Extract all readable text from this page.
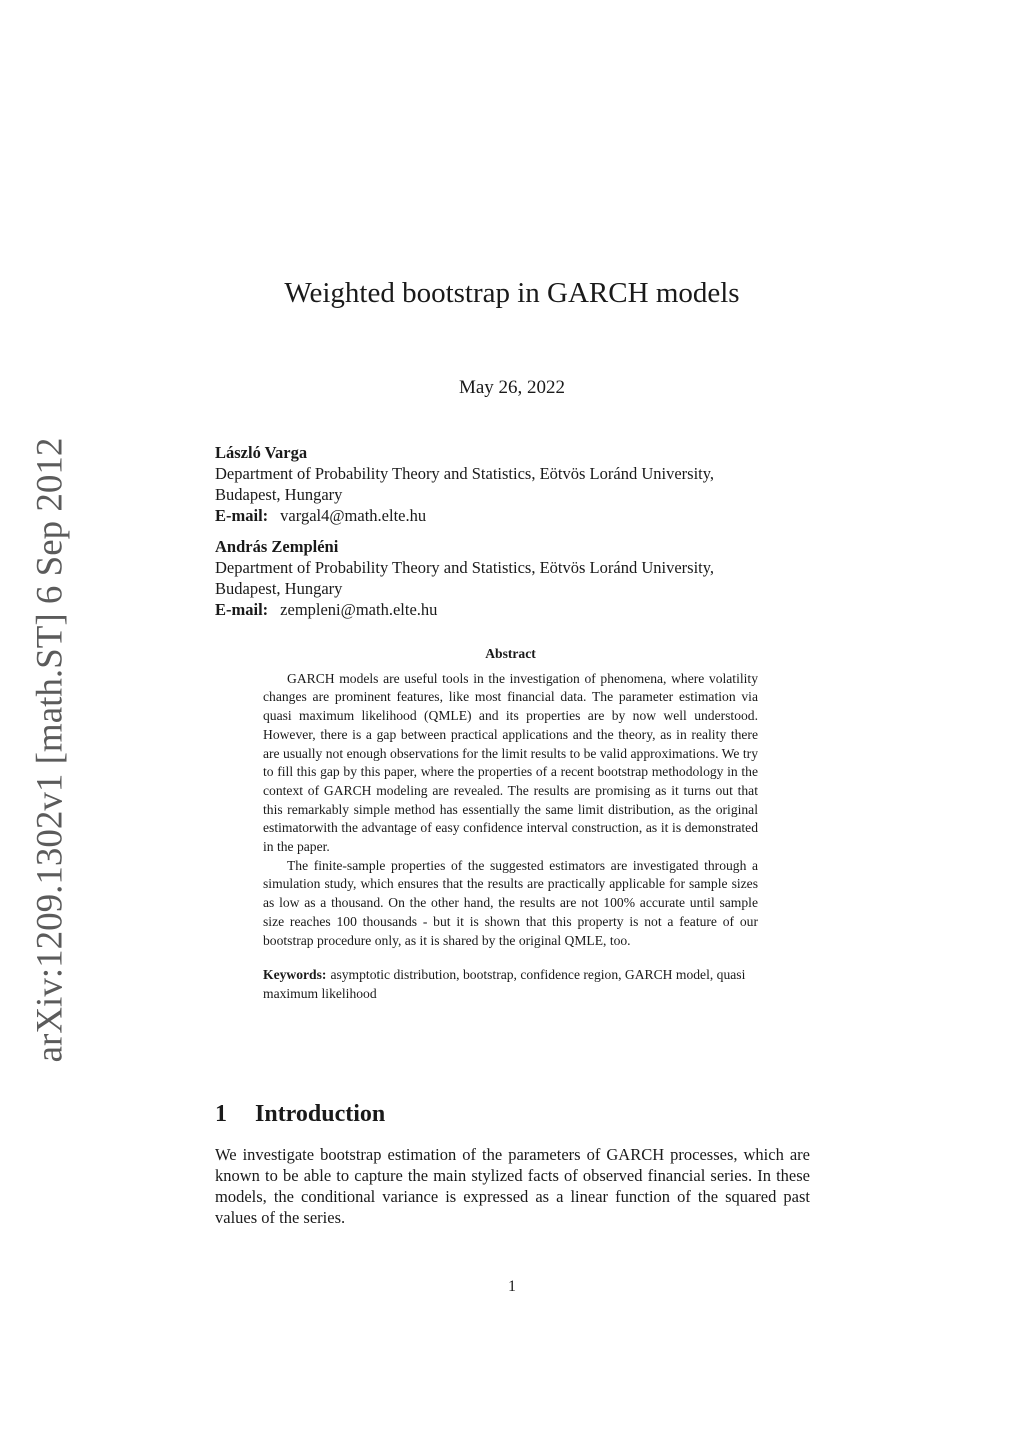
arXiv:1209.1302v1 [math.ST] 6 Sep 2012
Weighted bootstrap in GARCH models
May 26, 2022
László Varga
Department of Probability Theory and Statistics, Eötvös Loránd University,
Budapest, Hungary
E-mail: vargal4@math.elte.hu
András Zempléni
Department of Probability Theory and Statistics, Eötvös Loránd University,
Budapest, Hungary
E-mail: zempleni@math.elte.hu
Abstract

GARCH models are useful tools in the investigation of phenomena, where volatility changes are prominent features, like most financial data. The parameter estimation via quasi maximum likelihood (QMLE) and its properties are by now well understood. However, there is a gap between practical applications and the theory, as in reality there are usually not enough observations for the limit results to be valid approximations. We try to fill this gap by this paper, where the properties of a recent bootstrap methodology in the context of GARCH modeling are revealed. The results are promising as it turns out that this remarkably simple method has essentially the same limit distribution, as the original estimatorwith the advantage of easy confidence interval construction, as it is demonstrated in the paper.

The finite-sample properties of the suggested estimators are investigated through a simulation study, which ensures that the results are practically applicable for sample sizes as low as a thousand. On the other hand, the results are not 100% accurate until sample size reaches 100 thousands - but it is shown that this property is not a feature of our bootstrap procedure only, as it is shared by the original QMLE, too.

Keywords: asymptotic distribution, bootstrap, confidence region, GARCH model, quasi maximum likelihood
1 Introduction

We investigate bootstrap estimation of the parameters of GARCH processes, which are known to be able to capture the main stylized facts of observed financial series. In these models, the conditional variance is expressed as a linear function of the squared past values of the series.

1
